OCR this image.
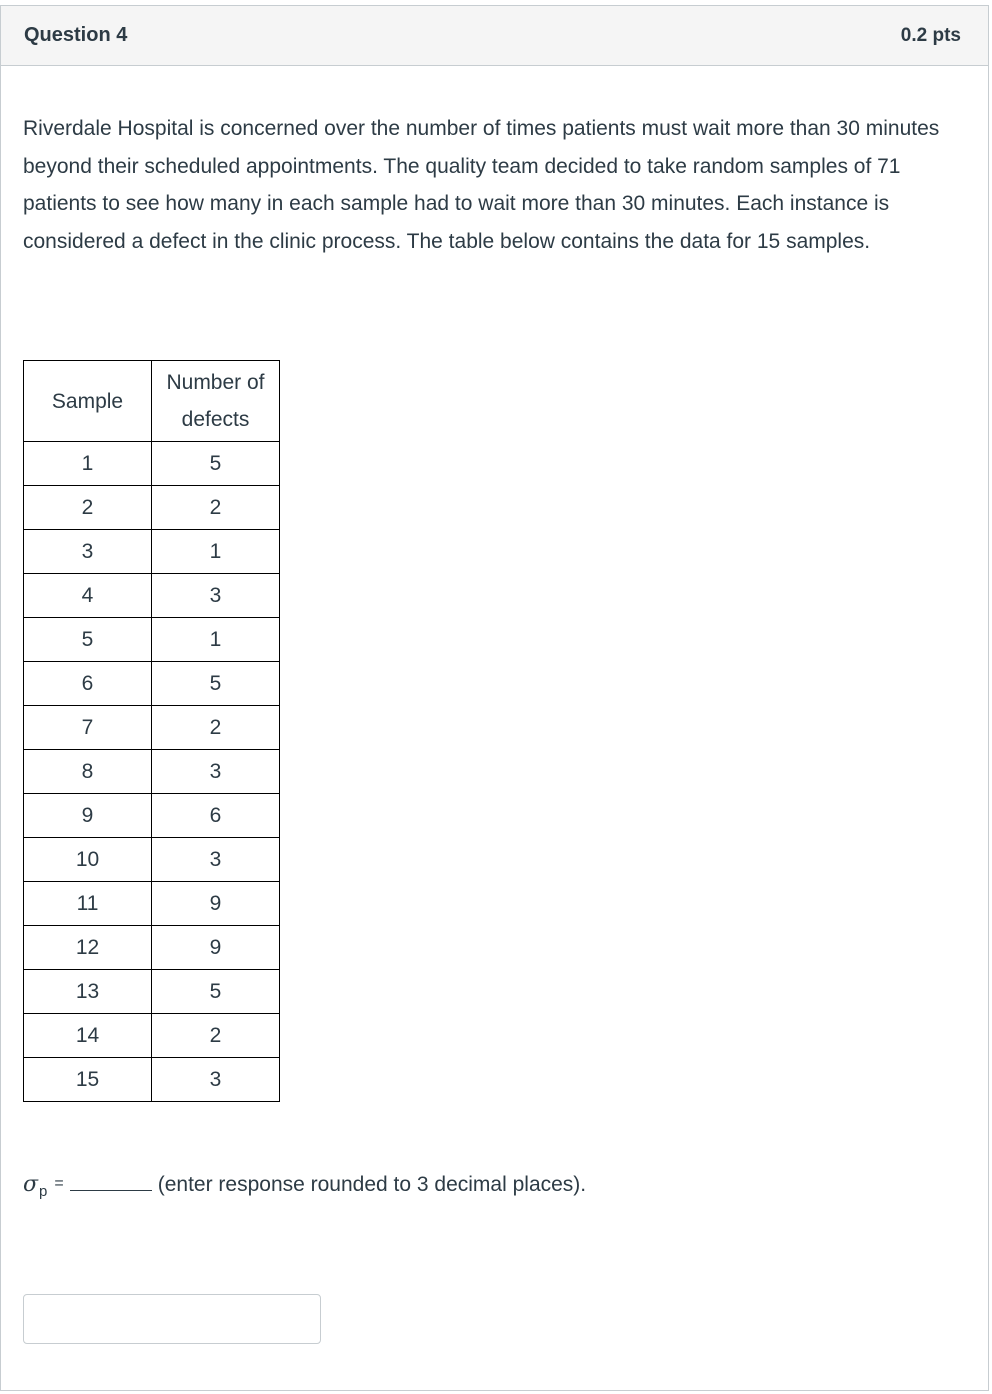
Question 4	0.2 pts

Riverdale Hospital is concerned over the number of times patients must wait more than 30 minutes beyond their scheduled appointments. The quality team decided to take random samples of 71 patients to see how many in each sample had to wait more than 30 minutes. Each instance is considered a defect in the clinic process. The table below contains the data for 15 samples.

Sample	Number of defects
1	5
2	2
3	1
4	3
5	1
6	5
7	2
8	3
9	6
10	3
11	9
12	9
13	5
14	2
15	3
σ p =	(enter response rounded to 3 decimal places).
